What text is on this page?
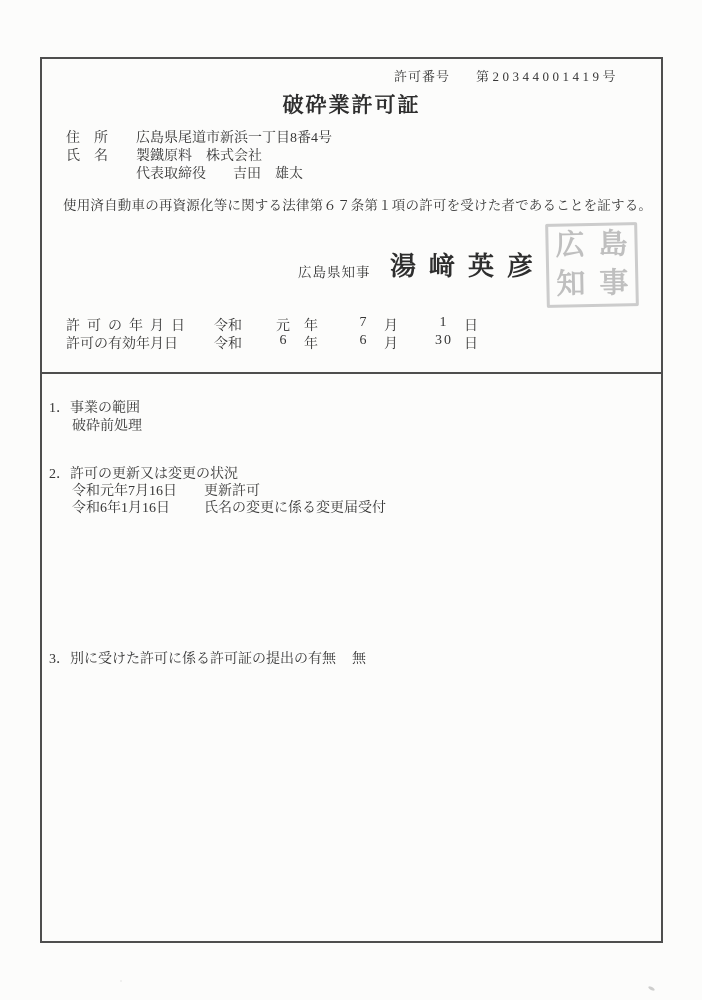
許可番号 第20344001419号
破砕業許可証
住　所	広島県尾道市新浜一丁目8番4号
氏　名	製鐵原料　株式会社
代表取締役	吉田　雄太
使用済自動車の再資源化等に関する法律第６７条第１項の許可を受けた者であることを証する。
広島県知事 湯﨑英彦
広 島
知 事
許可の年月日	令和	元 年	7	月	1	日
許可の有効年月日	令和	6	年	6	月	30 日
1．事業の範囲
破砕前処理
2．許可の更新又は変更の状況
令和元年7月16日	更新許可
令和6年1月16日	氏名の変更に係る変更届受付
3．別に受けた許可に係る許可証の提出の有無 無
